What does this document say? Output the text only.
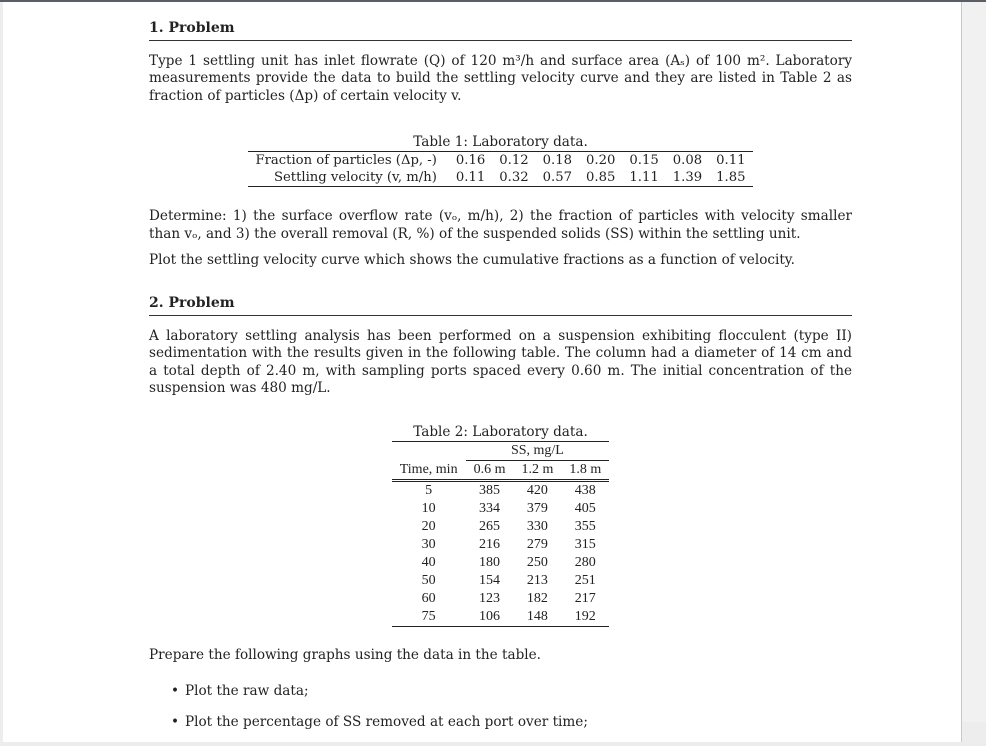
1. Problem

Type 1 settling unit has inlet flowrate (Q) of 120 m³/h and surface area (Aₛ) of 100 m². Laboratory measurements provide the data to build the settling velocity curve and they are listed in Table 2 as fraction of particles (Δp) of certain velocity v.

Table 1: Laboratory data.
Fraction of particles (Δp, -)	0.16	0.12	0.18	0.20	0.15	0.08	0.11
Settling velocity (v, m/h)	0.11	0.32	0.57	0.85	1.11	1.39	1.85

Determine: 1) the surface overflow rate (vₒ, m/h), 2) the fraction of particles with velocity smaller than vₒ, and 3) the overall removal (R, %) of the suspended solids (SS) within the settling unit.

Plot the settling velocity curve which shows the cumulative fractions as a function of velocity.

2. Problem

A laboratory settling analysis has been performed on a suspension exhibiting flocculent (type II) sedimentation with the results given in the following table. The column had a diameter of 14 cm and a total depth of 2.40 m, with sampling ports spaced every 0.60 m. The initial concentration of the suspension was 480 mg/L.

Table 2: Laboratory data.
	SS, mg/L		
Time, min	0.6 m	1.2 m	1.8 m
5	385	420	438
10	334	379	405
20	265	330	355
30	216	279	315
40	180	250	280
50	154	213	251
60	123	182	217
75	106	148	192

Prepare the following graphs using the data in the table.

• Plot the raw data;
• Plot the percentage of SS removed at each port over time;
